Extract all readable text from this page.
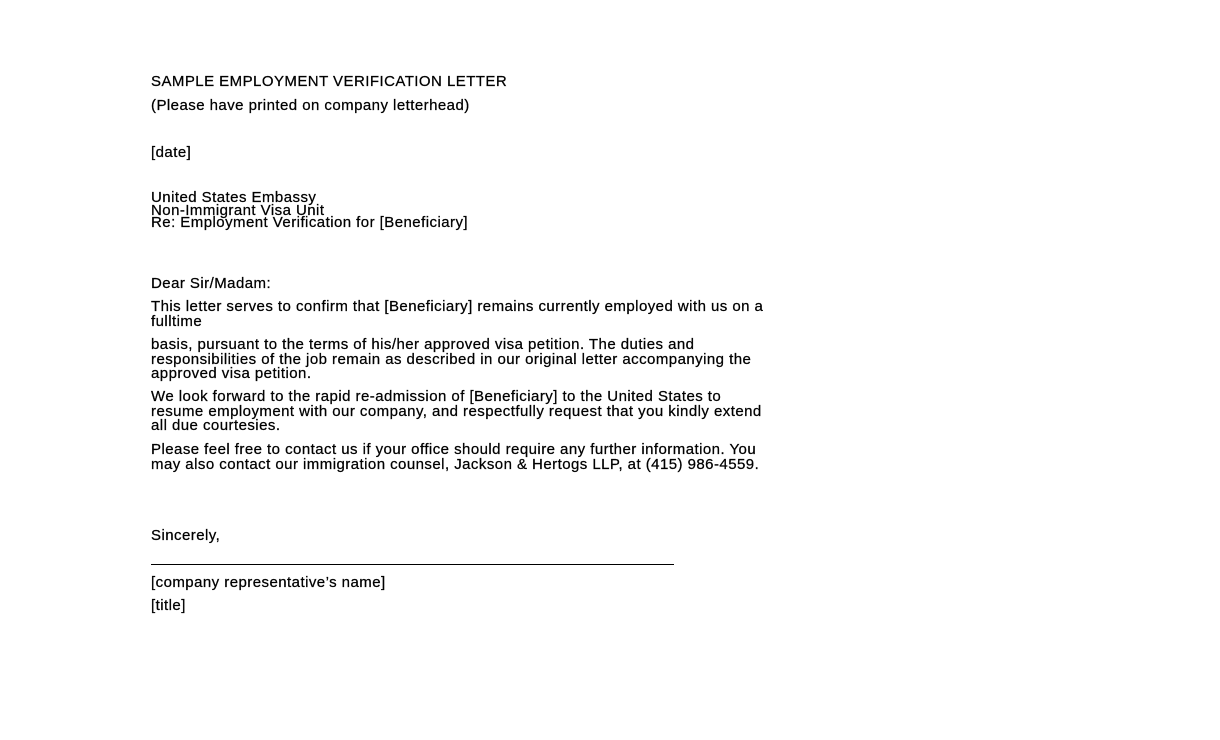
SAMPLE EMPLOYMENT VERIFICATION LETTER
(Please have printed on company letterhead)
[date]
United States Embassy
Non-Immigrant Visa Unit
Re: Employment Verification for [Beneficiary]
Dear Sir/Madam:
This letter serves to confirm that [Beneficiary] remains currently employed with us on a
fulltime
basis, pursuant to the terms of his/her approved visa petition. The duties and
responsibilities of the job remain as described in our original letter accompanying the
approved visa petition.
We look forward to the rapid re-admission of [Beneficiary] to the United States to
resume employment with our company, and respectfully request that you kindly extend
all due courtesies.
Please feel free to contact us if your office should require any further information. You
may also contact our immigration counsel, Jackson & Hertogs LLP, at (415) 986-4559.
Sincerely,
[company representative’s name]
[title]
